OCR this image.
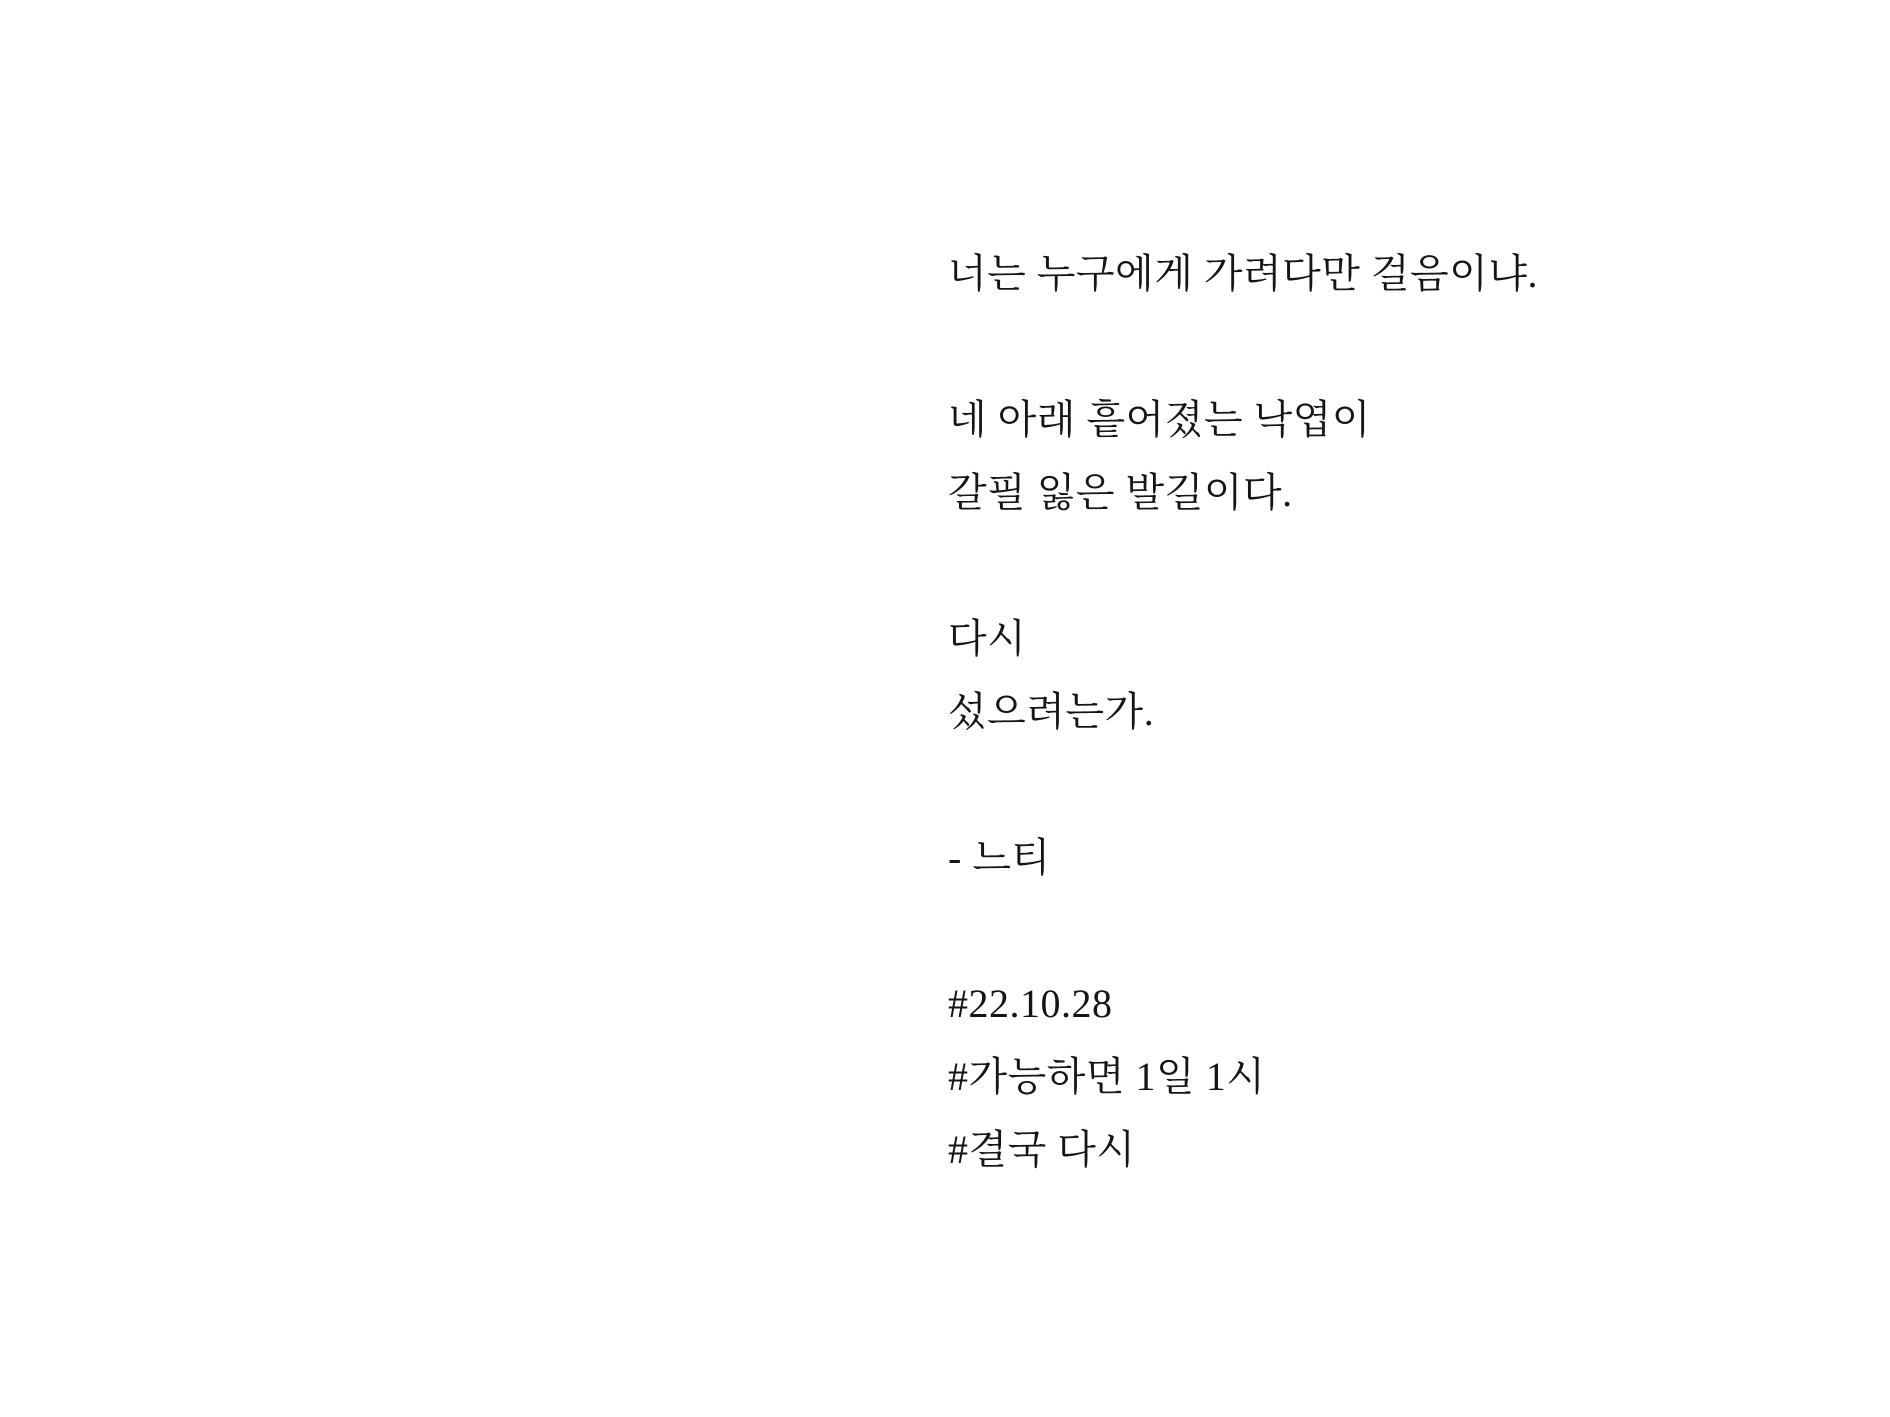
너는 누구에게 가려다만 걸음이냐.

네 아래 흩어졌는 낙엽이

갈필 잃은 발길이다.

다시

섰으려는가.

- 느티

#22.10.28

#가능하면 1일 1시

#결국 다시
